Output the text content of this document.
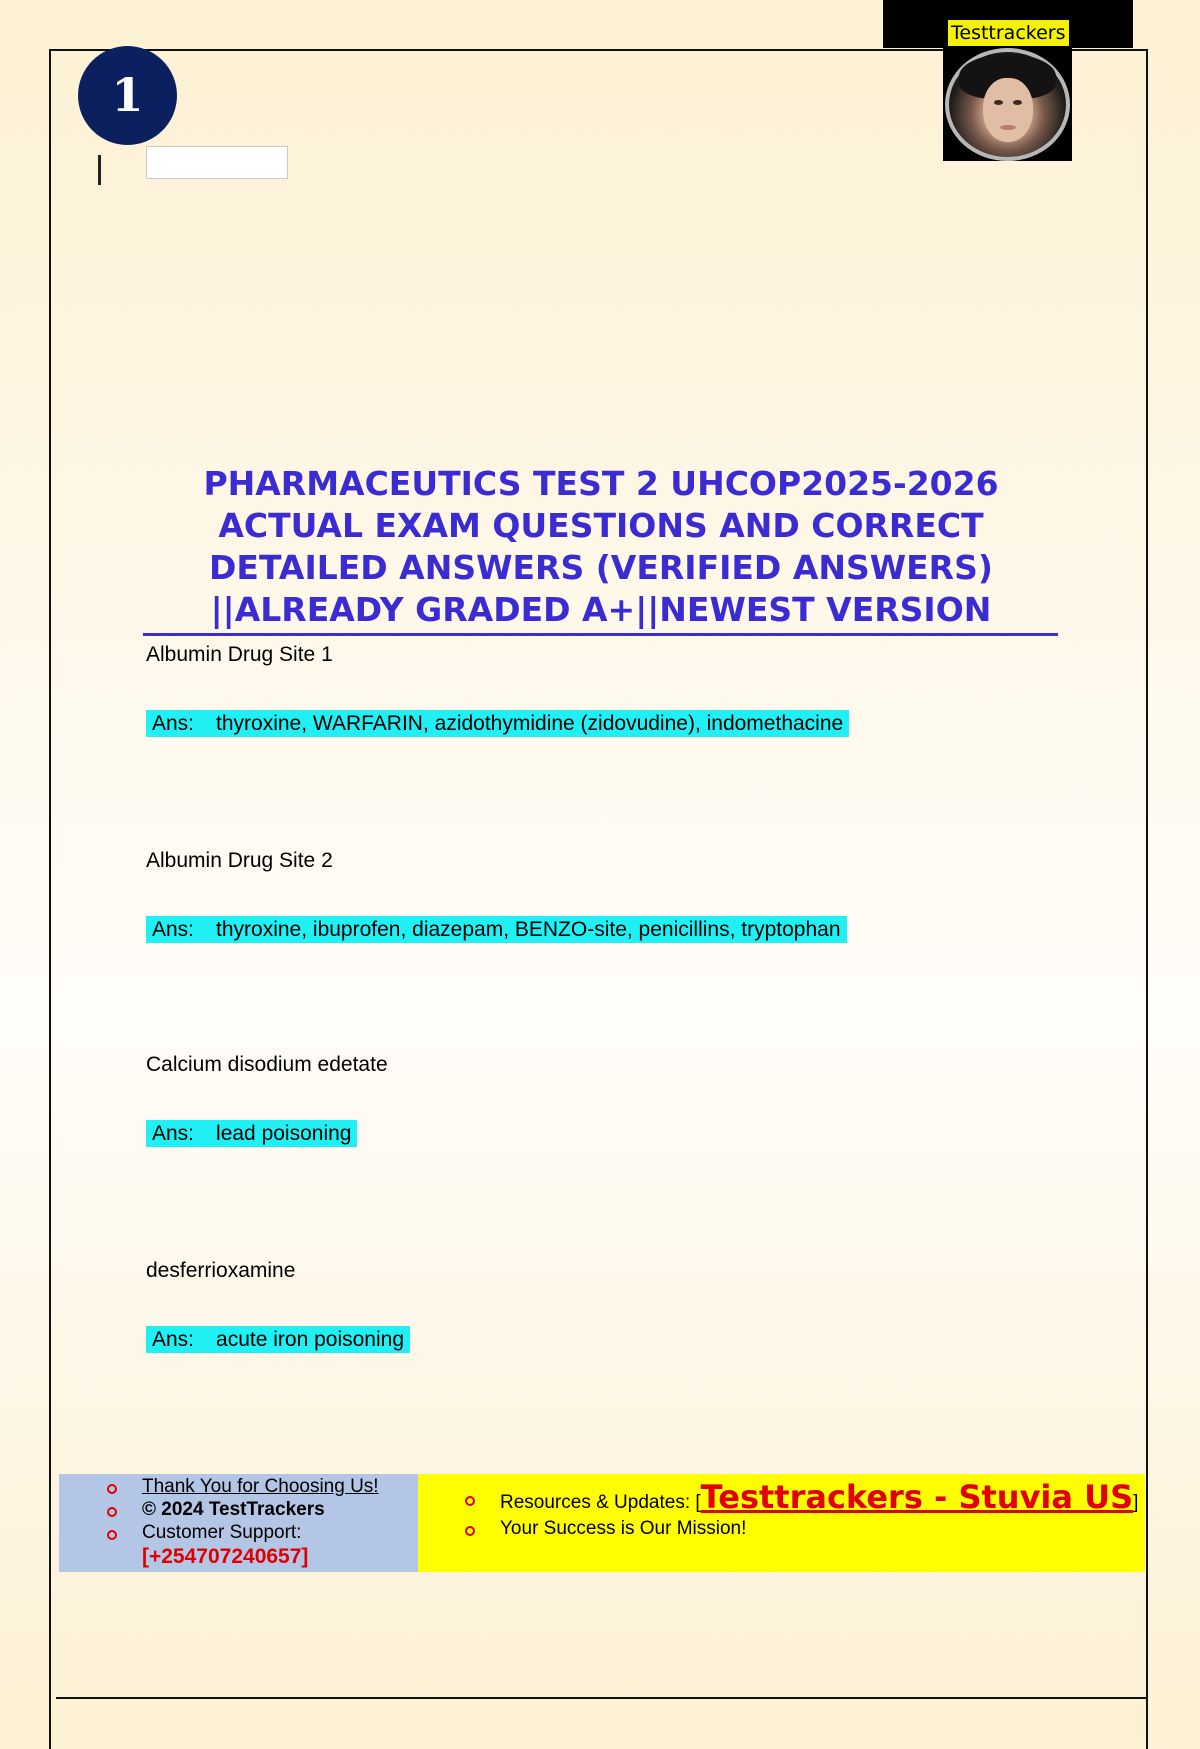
Testtrackers
1
PHARMACEUTICS TEST 2 UHCOP2025-2026 ACTUAL EXAM QUESTIONS AND CORRECT DETAILED ANSWERS (VERIFIED ANSWERS) ||ALREADY GRADED A+||NEWEST VERSION
Albumin Drug Site 1
Ans: thyroxine, WARFARIN, azidothymidine (zidovudine), indomethacine
Albumin Drug Site 2
Ans: thyroxine, ibuprofen, diazepam, BENZO-site, penicillins, tryptophan
Calcium disodium edetate
Ans: lead poisoning
desferrioxamine
Ans: acute iron poisoning
Thank You for Choosing Us!
© 2024 TestTrackers
Customer Support:
[+254707240657]
Resources & Updates: [Testtrackers - Stuvia US]
Your Success is Our Mission!
